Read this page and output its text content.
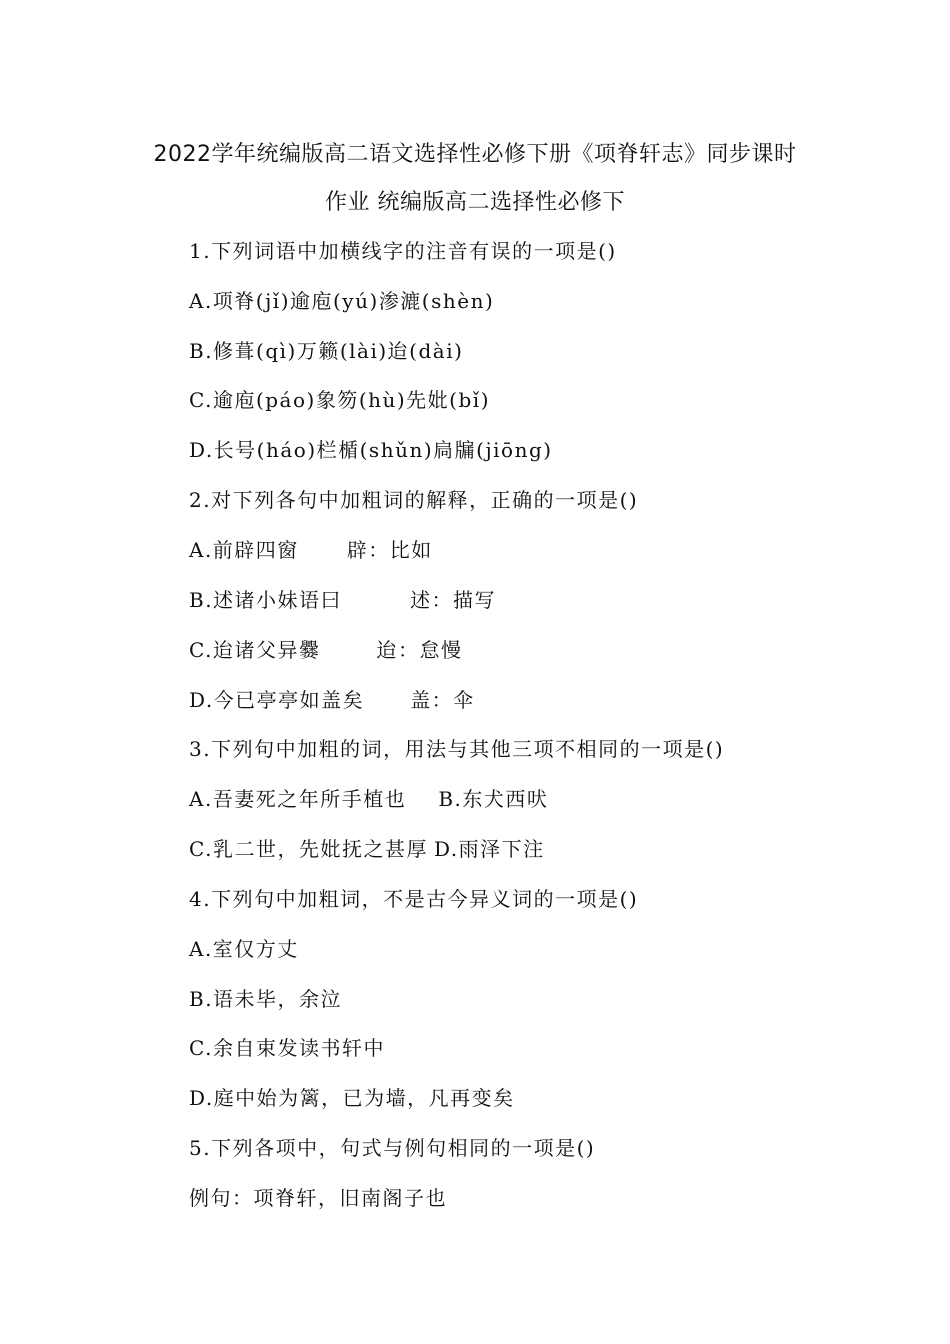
2022学年统编版高二语文选择性必修下册《项脊轩志》同步课时
作业 统编版高二选择性必修下
1.下列词语中加横线字的注音有误的一项是()
A.项脊(jǐ)逾庖(yú)渗漉(shèn)
B.修葺(qì)万籁(lài)迨(dài)
C.逾庖(páo)象笏(hù)先妣(bǐ)
D.长号(háo)栏楯(shǔn)扃牖(jiōng)
2.对下列各句中加粗词的解释，正确的一项是()
A.前辟四窗 辟：比如
B.述诸小妹语曰	述：描写
C.迨诸父异爨	迨：怠慢
D.今已亭亭如盖矣 盖：伞
3.下列句中加粗的词，用法与其他三项不相同的一项是()
A.吾妻死之年所手植也 B.东犬西吠
C.乳二世，先妣抚之甚厚 D.雨泽下注
4.下列句中加粗词，不是古今异义词的一项是()
A.室仅方丈
B.语未毕，余泣
C.余自束发读书轩中
D.庭中始为篱，已为墙，凡再变矣
5.下列各项中，句式与例句相同的一项是()
例句：项脊轩，旧南阁子也
